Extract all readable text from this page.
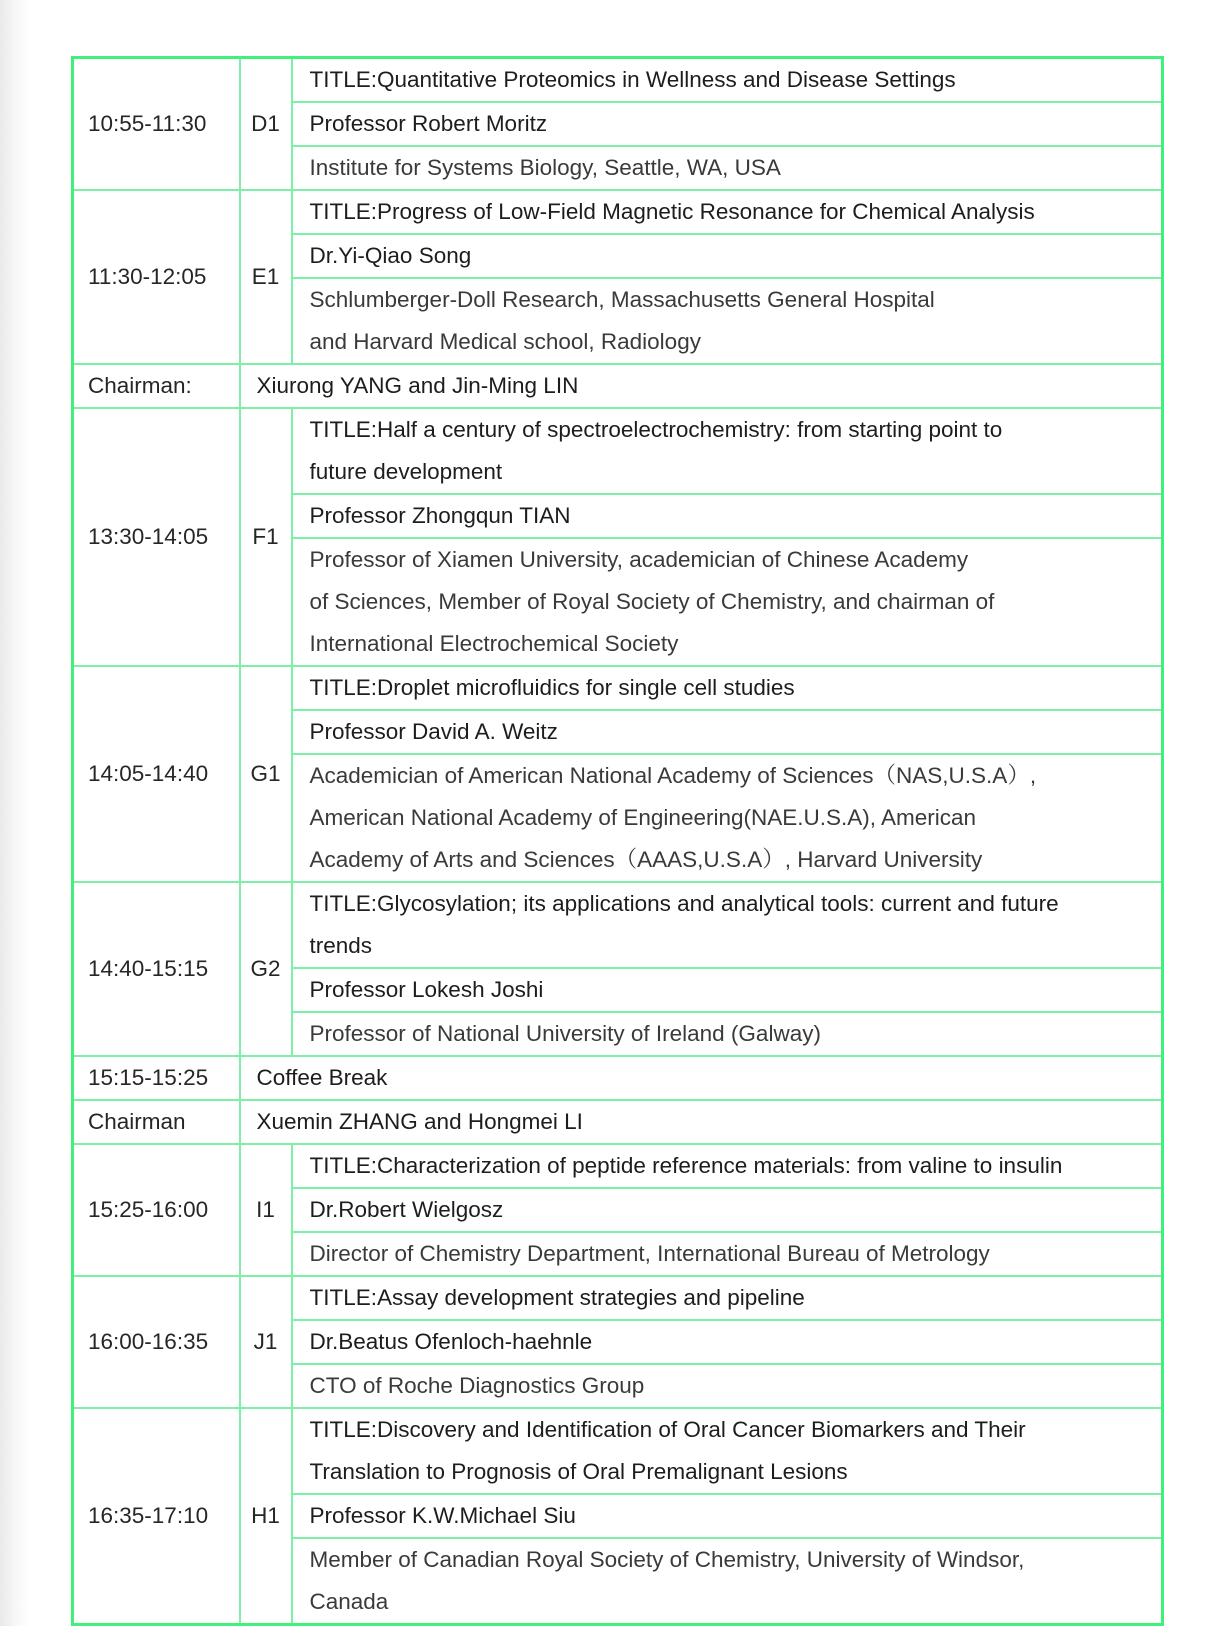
10:55-11:30	D1	TITLE:Quantitative Proteomics in Wellness and Disease Settings

		Professor Robert Moritz

		Institute for Systems Biology, Seattle, WA, USA

11:30-12:05	E1	TITLE:Progress of Low-Field Magnetic Resonance for Chemical Analysis

		Dr.Yi-Qiao Song

		Schlumberger-Doll Research, Massachusetts General Hospital
and Harvard Medical school, Radiology

Chairman:	Xiurong YANG and Jin-Ming LIN	
13:30-14:05	F1	TITLE:Half a century of spectroelectrochemistry: from starting point to
future development

		Professor Zhongqun TIAN

		Professor of Xiamen University, academician of Chinese Academy
of Sciences, Member of Royal Society of Chemistry, and chairman of
International Electrochemical Society

14:05-14:40	G1	TITLE:Droplet microfluidics for single cell studies

		Professor David A. Weitz

		Academician of American National Academy of Sciences（NAS,U.S.A）,
American National Academy of Engineering(NAE.U.S.A), American
Academy of Arts and Sciences（AAAS,U.S.A）, Harvard University

14:40-15:15	G2	TITLE:Glycosylation; its applications and analytical tools: current and future
trends

		Professor Lokesh Joshi

		Professor of National University of Ireland (Galway)

15:15-15:25	Coffee Break	
Chairman	Xuemin ZHANG and Hongmei LI	
15:25-16:00	I1	TITLE:Characterization of peptide reference materials: from valine to insulin

		Dr.Robert Wielgosz

		Director of Chemistry Department, International Bureau of Metrology

16:00-16:35	J1	TITLE:Assay development strategies and pipeline

		Dr.Beatus Ofenloch-haehnle

		CTO of Roche Diagnostics Group

16:35-17:10	H1	TITLE:Discovery and Identification of Oral Cancer Biomarkers and Their
Translation to Prognosis of Oral Premalignant Lesions

		Professor K.W.Michael Siu

		Member of Canadian Royal Society of Chemistry, University of Windsor,
Canada
